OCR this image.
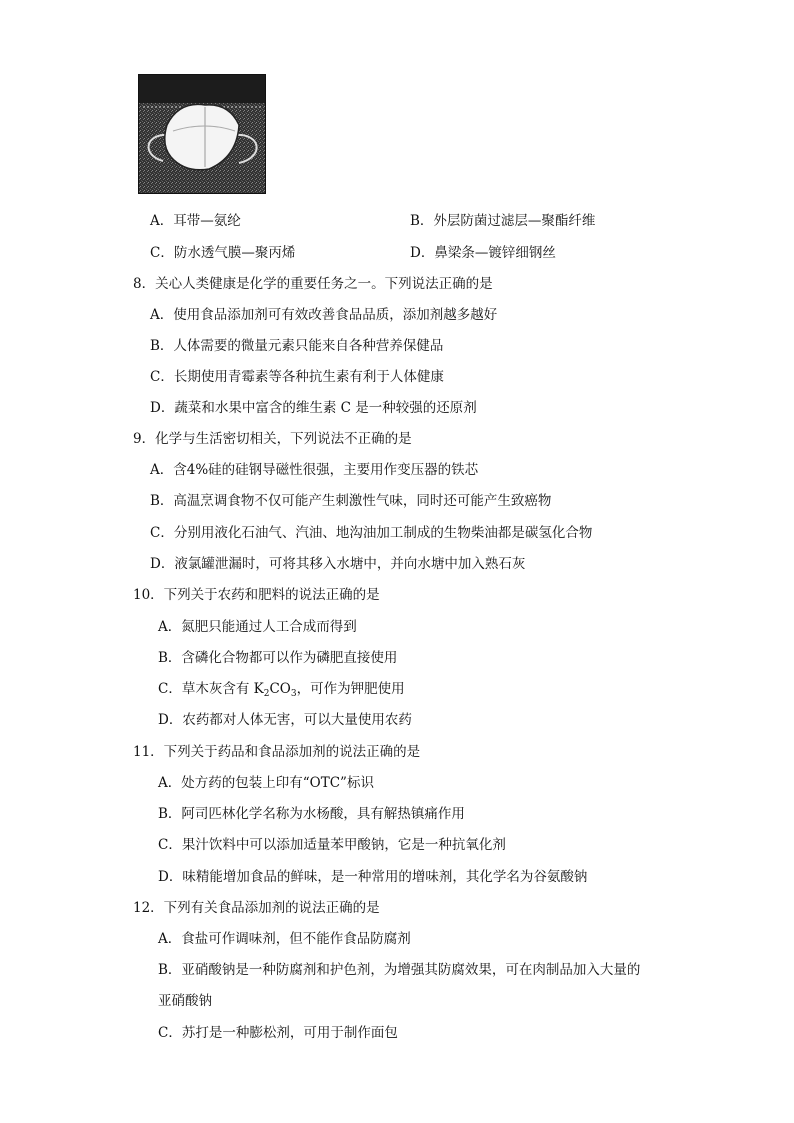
A．耳带—氨纶	B．外层防菌过滤层—聚酯纤维
C．防水透气膜—聚丙烯	D．鼻梁条—镀锌细钢丝
8．关心人类健康是化学的重要任务之一。下列说法正确的是
A．使用食品添加剂可有效改善食品品质，添加剂越多越好
B．人体需要的微量元素只能来自各种营养保健品
C．长期使用青霉素等各种抗生素有利于人体健康
D．蔬菜和水果中富含的维生素 C 是一种较强的还原剂
9．化学与生活密切相关，下列说法不正确的是
A．含4%硅的硅钢导磁性很强，主要用作变压器的铁芯
B．高温烹调食物不仅可能产生刺激性气味，同时还可能产生致癌物
C．分别用液化石油气、汽油、地沟油加工制成的生物柴油都是碳氢化合物
D．液氯罐泄漏时，可将其移入水塘中，并向水塘中加入熟石灰
10．下列关于农药和肥料的说法正确的是
A．氮肥只能通过人工合成而得到
B．含磷化合物都可以作为磷肥直接使用
C．草木灰含有 $K_2CO_3$，可作为钾肥使用
D．农药都对人体无害，可以大量使用农药
11．下列关于药品和食品添加剂的说法正确的是
A．处方药的包装上印有“OTC”标识
B．阿司匹林化学名称为水杨酸，具有解热镇痛作用
C．果汁饮料中可以添加适量苯甲酸钠，它是一种抗氧化剂
D．味精能增加食品的鲜味，是一种常用的增味剂，其化学名为谷氨酸钠
12．下列有关食品添加剂的说法正确的是
A．食盐可作调味剂，但不能作食品防腐剂
B．亚硝酸钠是一种防腐剂和护色剂，为增强其防腐效果，可在肉制品加入大量的
亚硝酸钠
C．苏打是一种膨松剂，可用于制作面包
